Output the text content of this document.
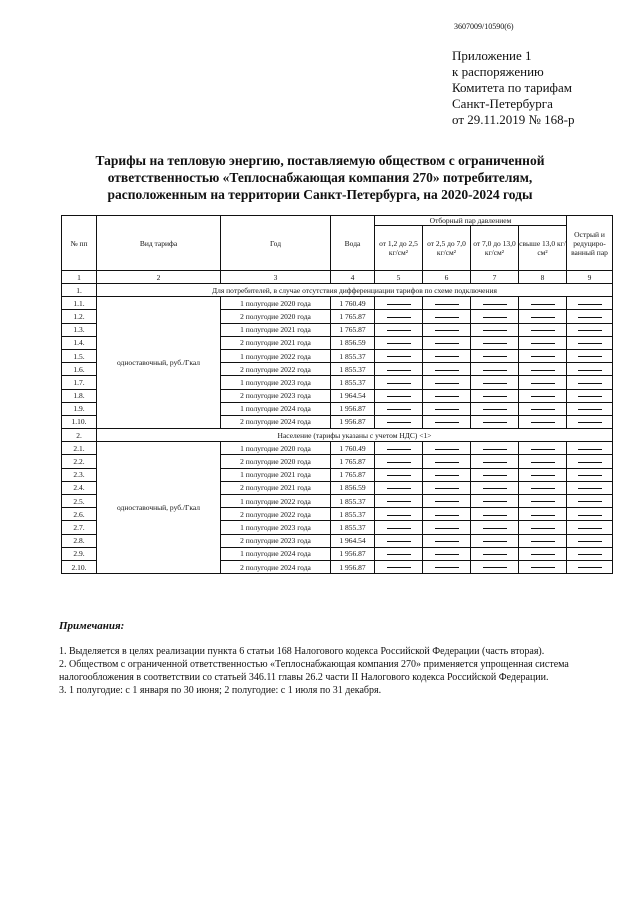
3607009/10590(6)
Приложение 1
к распоряжению
Комитета по тарифам
Санкт-Петербурга
от 29.11.2019 № 168-р
Тарифы на тепловую энергию, поставляемую обществом с ограниченной ответственностью «Теплоснабжающая компания 270» потребителям, расположенным на территории Санкт-Петербурга, на 2020-2024 годы
№ пп	Вид тарифа	Год	Вода	Отборный пар давлением				Острый и редуциро-ванный пар
				от 1,2 до 2,5 кг/см²	от 2,5 до 7,0 кг/см²	от 7,0 до 13,0 кг/см²	свыше 13,0 кг/см²	
1	2	3	4	5	6	7	8	9
1.	Для потребителей, в случае отсутствия дифференциации тарифов по схеме подключения							
1.1.	одноставочный, руб./Гкал	1 полугодие 2020 года	1 760.49					
1.2.		2 полугодие 2020 года	1 765.87					
1.3.		1 полугодие 2021 года	1 765.87					
1.4.		2 полугодие 2021 года	1 856.59					
1.5.		1 полугодие 2022 года	1 855.37					
1.6.		2 полугодие 2022 года	1 855.37					
1.7.		1 полугодие 2023 года	1 855.37					
1.8.		2 полугодие 2023 года	1 964.54					
1.9.		1 полугодие 2024 года	1 956.87					
1.10.		2 полугодие 2024 года	1 956.87					
2.	Население (тарифы указаны с учетом НДС) <1>							
2.1.	одноставочный, руб./Гкал	1 полугодие 2020 года	1 760.49					
2.2.		2 полугодие 2020 года	1 765.87					
2.3.		1 полугодие 2021 года	1 765.87					
2.4.		2 полугодие 2021 года	1 856.59					
2.5.		1 полугодие 2022 года	1 855.37					
2.6.		2 полугодие 2022 года	1 855.37					
2.7.		1 полугодие 2023 года	1 855.37					
2.8.		2 полугодие 2023 года	1 964.54					
2.9.		1 полугодие 2024 года	1 956.87					
2.10.		2 полугодие 2024 года	1 956.87					
Примечания:

1. Выделяется в целях реализации пункта 6 статьи 168 Налогового кодекса Российской Федерации (часть вторая).

2. Обществом с ограниченной ответственностью «Теплоснабжающая компания 270» применяется упрощенная система налогообложения в соответствии со статьей 346.11 главы 26.2 части II Налогового кодекса Российской Федерации.

3. 1 полугодие: с 1 января по 30 июня; 2 полугодие: с 1 июля по 31 декабря.
